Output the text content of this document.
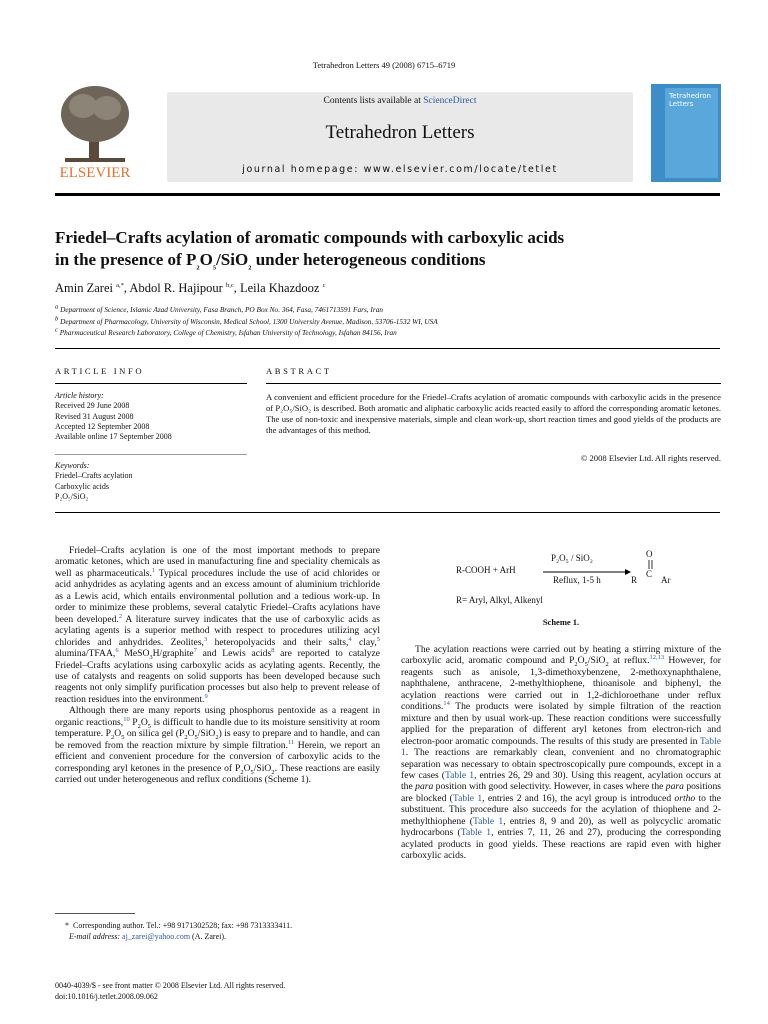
Tetrahedron Letters 49 (2008) 6715–6719
ELSEVIER
Contents lists available at ScienceDirect
Tetrahedron Letters
journal homepage: www.elsevier.com/locate/tetlet
Tetrahedron
Letters
Friedel–Crafts acylation of aromatic compounds with carboxylic acids
in the presence of $P_2O_5/SiO_2$ under heterogeneous conditions
Amin Zarei $^{a,*}$, Abdol R. Hajipour $^{b,c}$, Leila Khazdooz $^c$
$^a$ Department of Science, Islamic Azad University, Fasa Branch, PO Box No. 364, Fasa, 7461713591 Fars, Iran
$^b$ Department of Pharmacology, University of Wisconsin, Medical School, 1300 University Avenue, Madison, 53706-1532 WI, USA
$^c$ Pharmaceutical Research Laboratory, College of Chemistry, Isfahan University of Technology, Isfahan 84156, Iran
ARTICLE INFO
Article history:
Received 29 June 2008
Revised 31 August 2008
Accepted 12 September 2008
Available online 17 September 2008
Keywords:
Friedel–Crafts acylation
Carboxylic acids
P₂O₅/SiO₂
ABSTRACT
A convenient and efficient procedure for the Friedel–Crafts acylation of aromatic compounds with carboxylic acids in the presence of P₂O₅/SiO₂ is described. Both aromatic and aliphatic carboxylic acids reacted easily to afford the corresponding aromatic ketones. The use of non-toxic and inexpensive materials, simple and clean work-up, short reaction times and good yields of the products are the advantages of this method.
© 2008 Elsevier Ltd. All rights reserved.

Friedel–Crafts acylation is one of the most important methods to prepare aromatic ketones, which are used in manufacturing fine and speciality chemicals as well as pharmaceuticals.$^1$ Typical procedures include the use of acid chlorides or acid anhydrides as acylating agents and an excess amount of aluminium trichloride as a Lewis acid, which entails environmental pollution and a tedious work-up. In order to minimize these problems, several catalytic Friedel–Crafts acylations have been developed.$^2$ A literature survey indicates that the use of carboxylic acids as acylating agents is a superior method with respect to procedures utilizing acyl chlorides and anhydrides. Zeolites,$^3$ heteropolyacids and their salts,$^4$ clay,$^5$ alumina/TFAA,$^6$ MeSO$_3$H/graphite$^7$ and Lewis acids$^8$ are reported to catalyze Friedel–Crafts acylations using carboxylic acids as acylating agents. Recently, the use of catalysts and reagents on solid supports has been developed because such reagents not only simplify purification processes but also help to prevent release of reaction residues into the environment.$^9$

Although there are many reports using phosphorus pentoxide as a reagent in organic reactions,$^{10}$ $P_2O_5$ is difficult to handle due to its moisture sensitivity at room temperature. $P_2O_5$ on silica gel $(P_2O_5/SiO_2)$ is easy to prepare and to handle, and can be removed from the reaction mixture by simple filtration.$^{11}$ Herein, we report an efficient and convenient procedure for the conversion of carboxylic acids to the corresponding aryl ketones in the presence of $P_2O_5/SiO_2$. These reactions are easily carried out under heterogeneous and reflux conditions (Scheme 1).

R-COOH + ArH
P₂O₅ / SiO₂
Reflux, 1-5 h
O
C
R	Ar
R= Aryl, Alkyl, Alkenyl
Scheme 1.

The acylation reactions were carried out by heating a stirring mixture of the carboxylic acid, aromatic compound and $P_2O_5/SiO_2$ at reflux.$^{12,13}$ However, for reagents such as anisole, 1,3-dimethoxybenzene, 2-methoxynaphthalene, naphthalene, anthracene, 2-methylthiophene, thioanisole and biphenyl, the acylation reactions were carried out in 1,2-dichloroethane under reflux conditions.$^{14}$ The products were isolated by simple filtration of the reaction mixture and then by usual work-up. These reaction conditions were successfully applied for the preparation of different aryl ketones from electron-rich and electron-poor aromatic compounds. The results of this study are presented in Table 1. The reactions are remarkably clean, convenient and no chromatographic separation was necessary to obtain spectroscopically pure compounds, except in a few cases (Table 1, entries 26, 29 and 30). Using this reagent, acylation occurs at the para position with good selectivity. However, in cases where the para positions are blocked (Table 1, entries 2 and 16), the acyl group is introduced ortho to the substituent. This procedure also succeeds for the acylation of thiophene and 2-methylthiophene (Table 1, entries 8, 9 and 20), as well as polycyclic aromatic hydrocarbons (Table 1, entries 7, 11, 26 and 27), producing the corresponding acylated products in good yields. These reactions are rapid even with higher carboxylic acids.

* Corresponding author. Tel.: +98 9171302528; fax: +98 7313333411.
E-mail address: aj_zarei@yahoo.com (A. Zarei).
0040-4039/$ - see front matter © 2008 Elsevier Ltd. All rights reserved.
doi:10.1016/j.tetlet.2008.09.062
